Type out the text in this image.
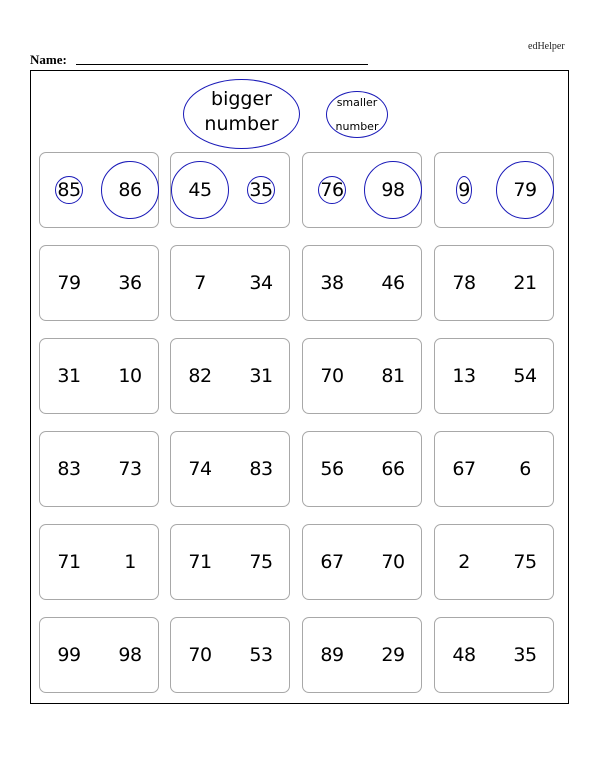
edHelper
Name:
bigger
number
smaller
number
85	86	45	35	76	98	9	79
79	36	7	34	38	46	78	21
31	10	82	31	70	81	13	54
83	73	74	83	56	66	67	6
71	1	71	75	67	70	2	75
99	98	70	53	89	29	48	35
